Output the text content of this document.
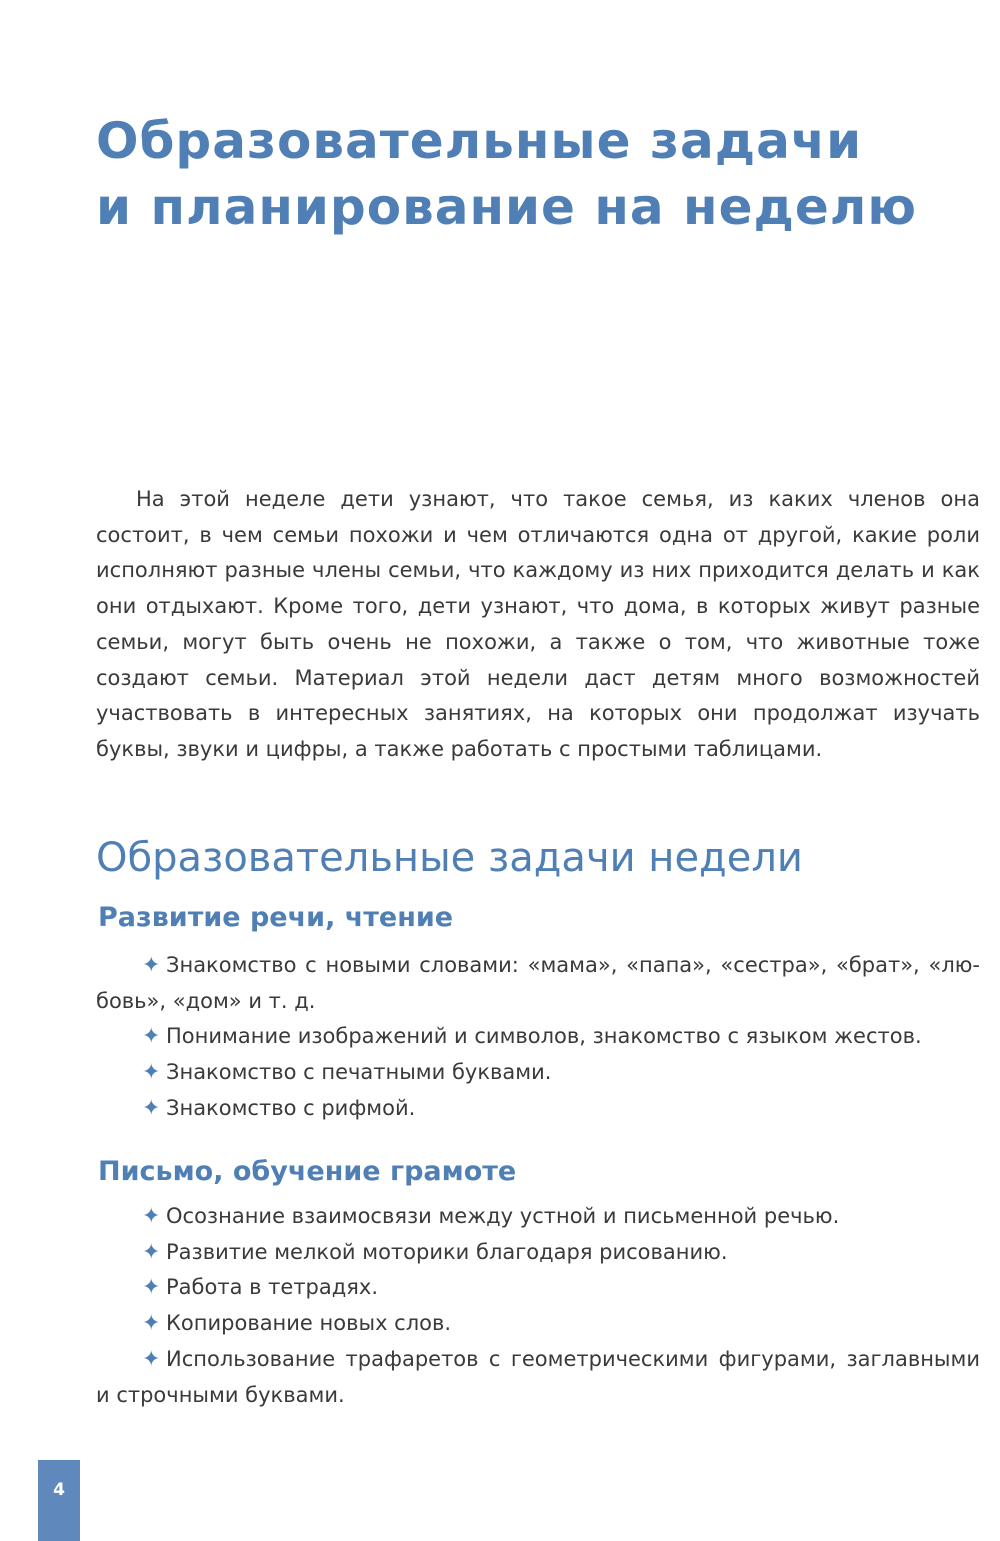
Образовательные задачи
и планирование на неделю

На этой неделе дети узнают, что такое семья, из каких членов она состоит, в чем семьи похожи и чем отличаются одна от другой, какие роли исполняют разные члены семьи, что каждому из них приходится делать и как они отдыхают. Кроме того, дети узнают, что дома, в которых живут разные семьи, могут быть очень не похожи, а также о том, что животные тоже создают семьи. Материал этой недели даст детям много возможностей участвовать в интересных занятиях, на которых они продолжат изучать буквы, звуки и цифры, а также работать с простыми таблицами.

Образовательные задачи недели
Развитие речи, чтение
✦ Знакомство с новыми словами: «мама», «папа», «сестра», «брат», «любовь», «дом» и т. д.
✦ Понимание изображений и символов, знакомство с языком жестов.
✦ Знакомство с печатными буквами.
✦ Знакомство с рифмой.
Письмо, обучение грамоте
✦ Осознание взаимосвязи между устной и письменной речью.
✦ Развитие мелкой моторики благодаря рисованию.
✦ Работа в тетрадях.
✦ Копирование новых слов.
✦ Использование трафаретов с геометрическими фигурами, заглавными и строчными буквами.
4
